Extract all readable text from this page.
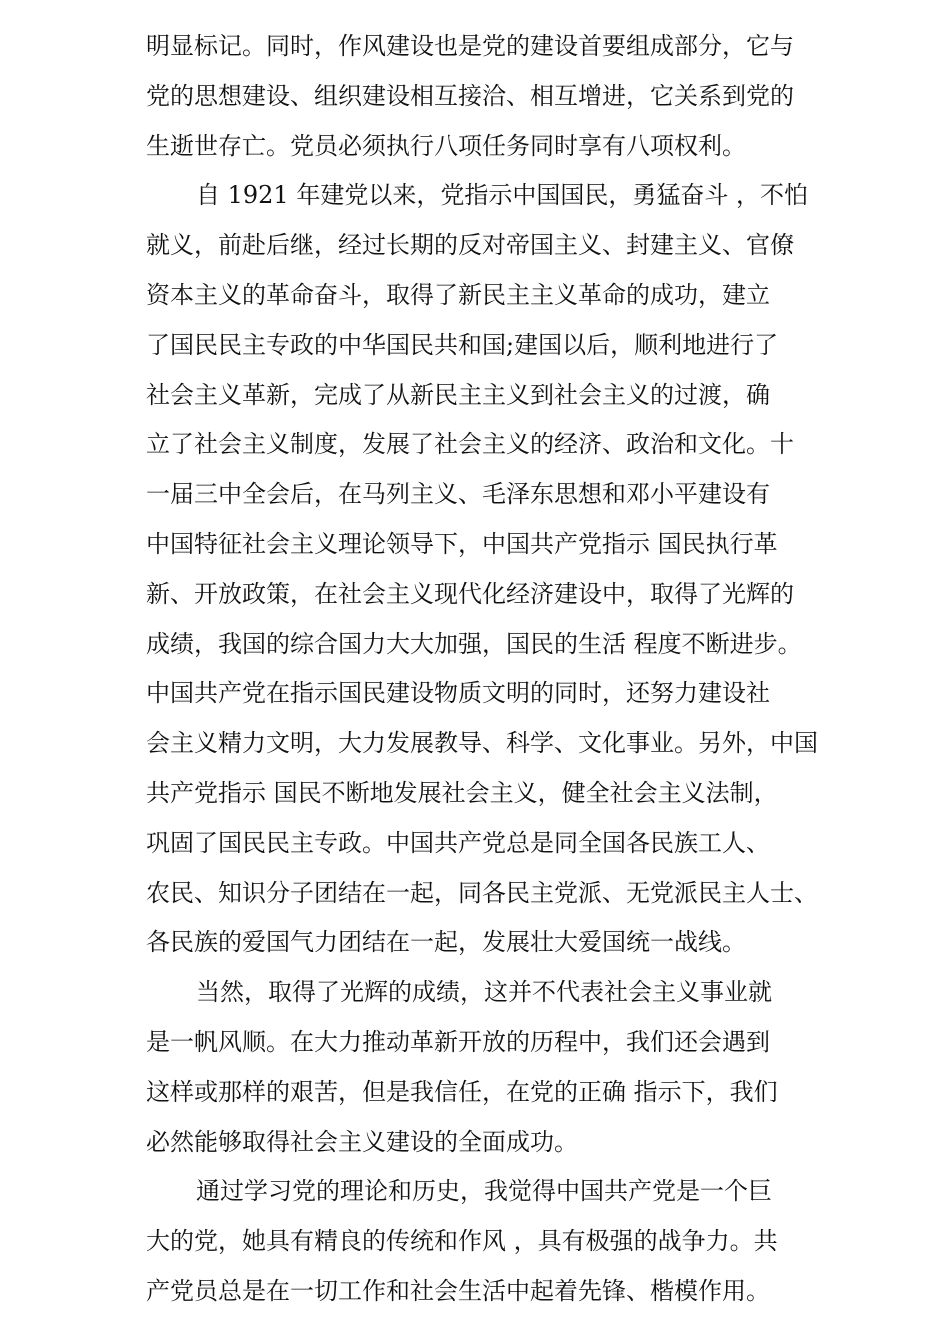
明显标记。同时，作风建设也是党的建设首要组成部分，它与
党的思想建设、组织建设相互接洽、相互增进，它关系到党的
生逝世存亡。党员必须执行八项任务同时享有八项权利。
自 1921 年建党以来，党指示中国国民，勇猛奋斗 ，不怕
就义，前赴后继，经过长期的反对帝国主义、封建主义、官僚
资本主义的革命奋斗，取得了新民主主义革命的成功，建立
了国民民主专政的中华国民共和国;建国以后，顺利地进行了
社会主义革新，完成了从新民主主义到社会主义的过渡，确
立了社会主义制度，发展了社会主义的经济、政治和文化。十
一届三中全会后，在马列主义、毛泽东思想和邓小平建设有
中国特征社会主义理论领导下，中国共产党指示 国民执行革
新、开放政策，在社会主义现代化经济建设中，取得了光辉的
成绩，我国的综合国力大大加强，国民的生活 程度不断进步。
中国共产党在指示国民建设物质文明的同时，还努力建设社
会主义精力文明，大力发展教导、科学、文化事业。另外，中国
共产党指示 国民不断地发展社会主义，健全社会主义法制，
巩固了国民民主专政。中国共产党总是同全国各民族工人、
农民、知识分子团结在一起，同各民主党派、无党派民主人士、
各民族的爱国气力团结在一起，发展壮大爱国统一战线。
当然，取得了光辉的成绩，这并不代表社会主义事业就
是一帆风顺。在大力推动革新开放的历程中，我们还会遇到
这样或那样的艰苦，但是我信任，在党的正确 指示下，我们
必然能够取得社会主义建设的全面成功。
通过学习党的理论和历史，我觉得中国共产党是一个巨
大的党，她具有精良的传统和作风 ，具有极强的战争力。共
产党员总是在一切工作和社会生活中起着先锋、楷模作用。
